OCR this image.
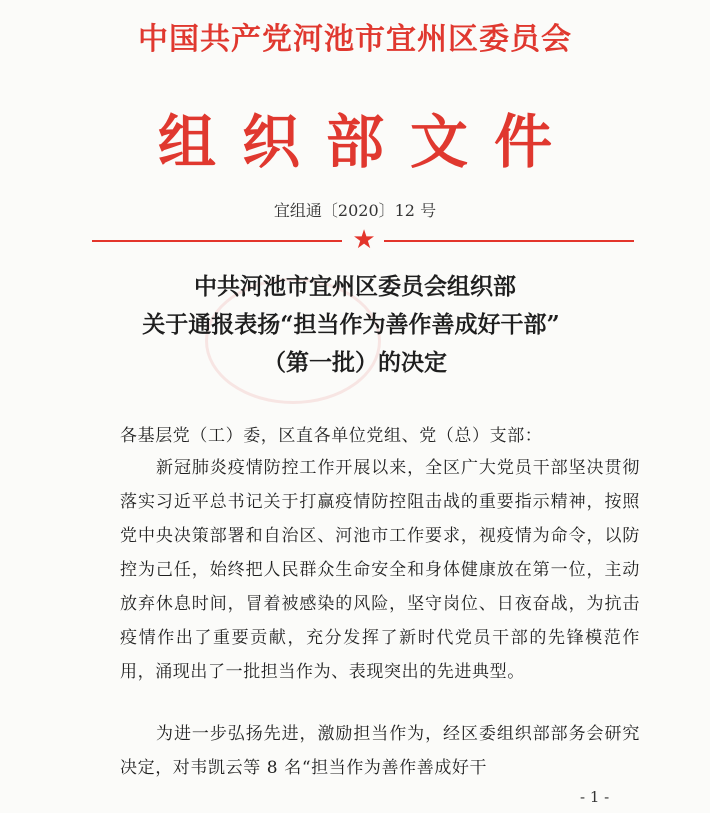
中国共产党河池市宜州区委员会
组织部文件
宜组通〔2020〕12 号
★
中共河池市宜州区委员会组织部
关于通报表扬“担当作为善作善成好干部”
（第一批）的决定
各基层党（工）委，区直各单位党组、党（总）支部：
新冠肺炎疫情防控工作开展以来，全区广大党员干部坚决贯彻落实习近平总书记关于打赢疫情防控阻击战的重要指示精神，按照党中央决策部署和自治区、河池市工作要求，视疫情为命令，以防控为己任，始终把人民群众生命安全和身体健康放在第一位，主动放弃休息时间，冒着被感染的风险，坚守岗位、日夜奋战，为抗击疫情作出了重要贡献，充分发挥了新时代党员干部的先锋模范作用，涌现出了一批担当作为、表现突出的先进典型。
为进一步弘扬先进，激励担当作为，经区委组织部部务会研究决定，对韦凯云等 8 名“担当作为善作善成好干
- 1 -
